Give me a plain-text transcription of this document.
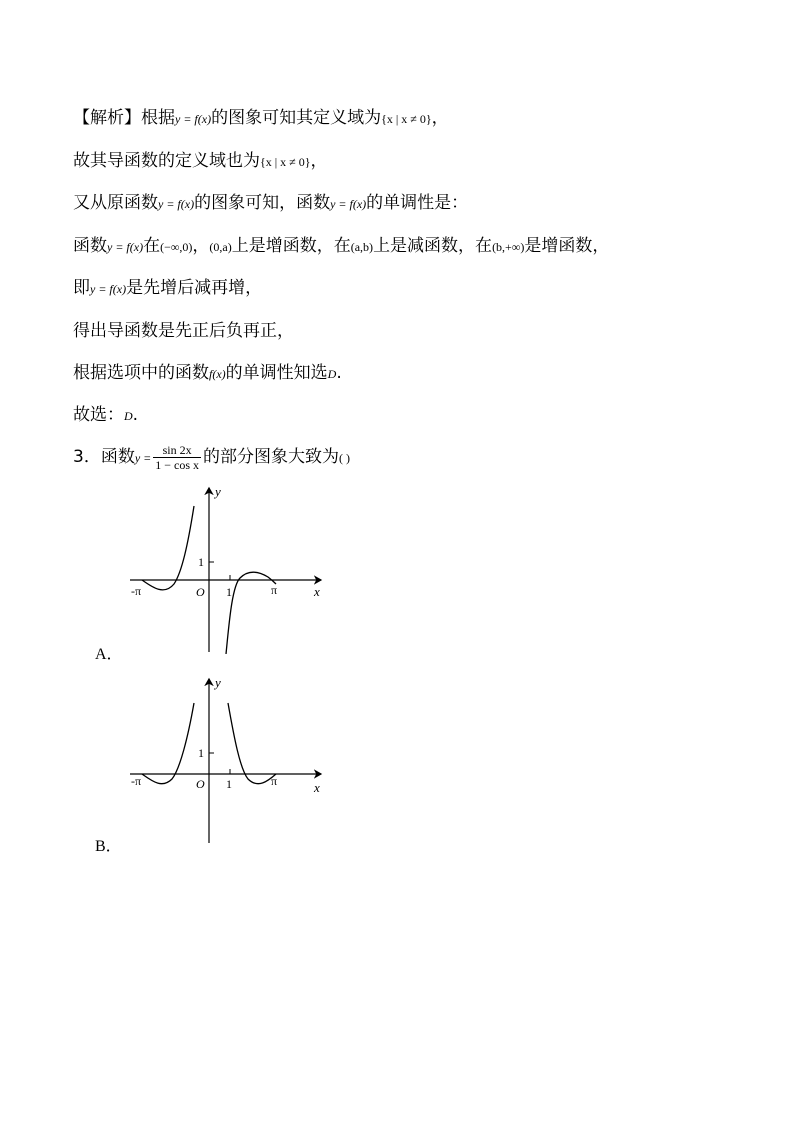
【解析】根据y = f(x)的图象可知其定义域为{x | x ≠ 0}，
故其导函数的定义域也为{x | x ≠ 0}，
又从原函数y = f(x)的图象可知，函数y = f(x)的单调性是：
函数y = f(x)在(−∞,0)，(0,a)上是增函数，在(a,b)上是减函数，在(b,+∞)是增函数，
即y = f(x)是先增后减再增，
得出导函数是先正后负再正，
根据选项中的函数f(x)的单调性知选D.
故选：D.
3．函数$y = \frac{\sin 2x}{\text{1 − cos x}}$ 的部分图象大致为( )
y
1
-π	O 1	π	x
A．
y
1
-π	O 1	π	x
B．
